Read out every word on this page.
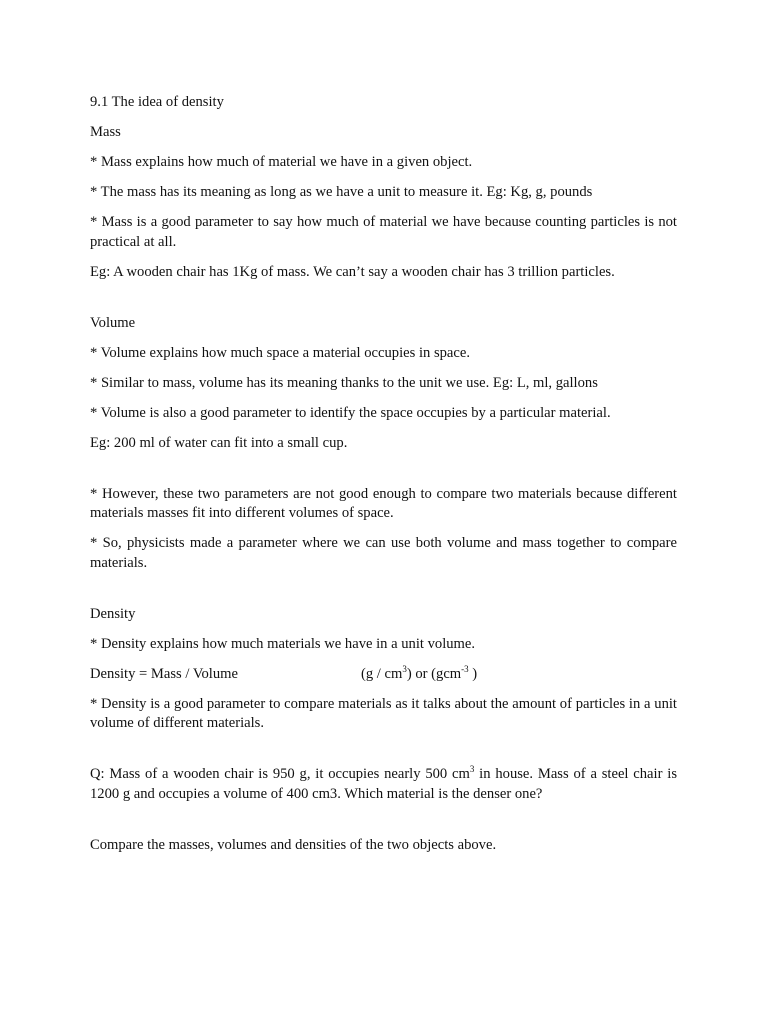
9.1 The idea of density

Mass

* Mass explains how much of material we have in a given object.

* The mass has its meaning as long as we have a unit to measure it. Eg: Kg, g, pounds

* Mass is a good parameter to say how much of material we have because counting particles is not practical at all.

Eg: A wooden chair has 1Kg of mass. We can’t say a wooden chair has 3 trillion particles.

Volume

* Volume explains how much space a material occupies in space.

* Similar to mass, volume has its meaning thanks to the unit we use. Eg: L, ml, gallons

* Volume is also a good parameter to identify the space occupies by a particular material.

Eg: 200 ml of water can fit into a small cup.

* However, these two parameters are not good enough to compare two materials because different materials masses fit into different volumes of space.

* So, physicists made a parameter where we can use both volume and mass together to compare materials.

Density

* Density explains how much materials we have in a unit volume.

Density = Mass / Volume	$(g / cm^3)$ or (gcm$^{-3}$ )

* Density is a good parameter to compare materials as it talks about the amount of particles in a unit volume of different materials.

Q: Mass of a wooden chair is 950 g, it occupies nearly 500 $cm^3$ in house. Mass of a steel chair is 1200 g and occupies a volume of 400 cm3. Which material is the denser one?

Compare the masses, volumes and densities of the two objects above.
